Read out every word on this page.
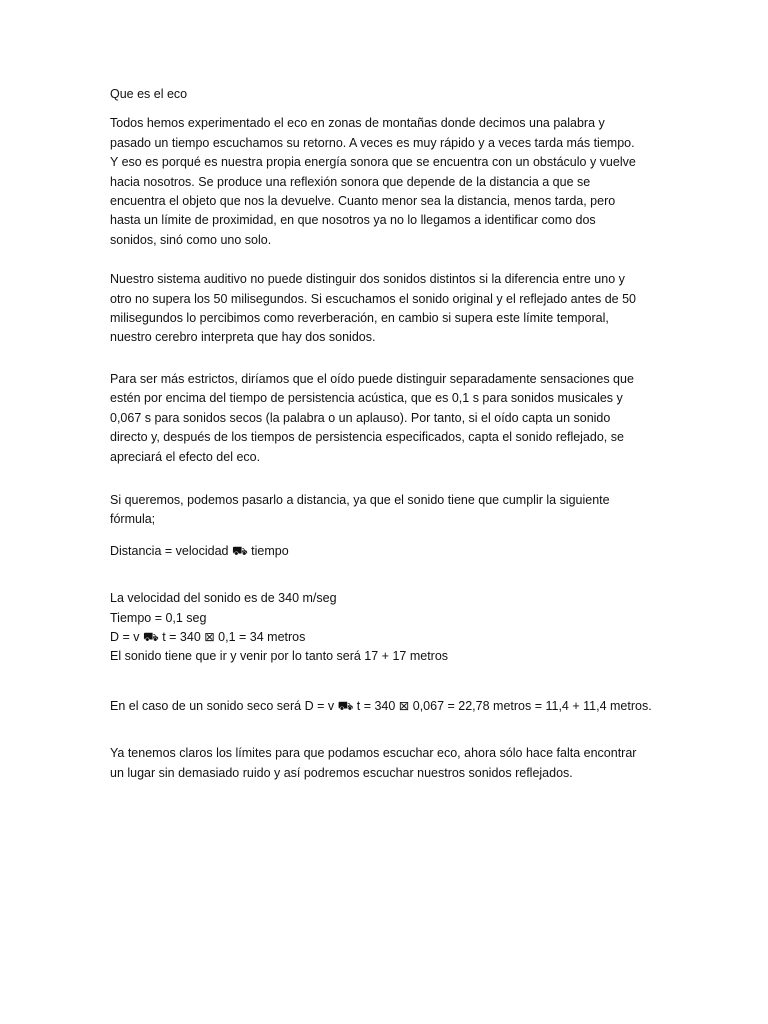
Que es el eco

Todos hemos experimentado el eco en zonas de montañas donde decimos una palabra y
pasado un tiempo escuchamos su retorno. A veces es muy rápido y a veces tarda más tiempo.
Y eso es porqué es nuestra propia energía sonora que se encuentra con un obstáculo y vuelve
hacia nosotros. Se produce una reflexión sonora que depende de la distancia a que se
encuentra el objeto que nos la devuelve. Cuanto menor sea la distancia, menos tarda, pero
hasta un límite de proximidad, en que nosotros ya no lo llegamos a identificar como dos
sonidos, sinó como uno solo.

Nuestro sistema auditivo no puede distinguir dos sonidos distintos si la diferencia entre uno y
otro no supera los 50 milisegundos. Si escuchamos el sonido original y el reflejado antes de 50
milisegundos lo percibimos como reverberación, en cambio si supera este límite temporal,
nuestro cerebro interpreta que hay dos sonidos.

Para ser más estrictos, diríamos que el oído puede distinguir separadamente sensaciones que
estén por encima del tiempo de persistencia acústica, que es 0,1 s para sonidos musicales y
0,067 s para sonidos secos (la palabra o un aplauso). Por tanto, si el oído capta un sonido
directo y, después de los tiempos de persistencia especificados, capta el sonido reflejado, se
apreciará el efecto del eco.

Si queremos, podemos pasarlo a distancia, ya que el sonido tiene que cumplir la siguiente
fórmula;

Distancia = velocidad ⛟ tiempo

La velocidad del sonido es de 340 m/seg
Tiempo = 0,1 seg
D = v ⛟ t = 340 ⊠ 0,1 = 34 metros
El sonido tiene que ir y venir por lo tanto será 17 + 17 metros

En el caso de un sonido seco será D = v ⛟ t = 340 ⊠ 0,067 = 22,78 metros = 11,4 + 11,4 metros.

Ya tenemos claros los límites para que podamos escuchar eco, ahora sólo hace falta encontrar
un lugar sin demasiado ruido y así podremos escuchar nuestros sonidos reflejados.
